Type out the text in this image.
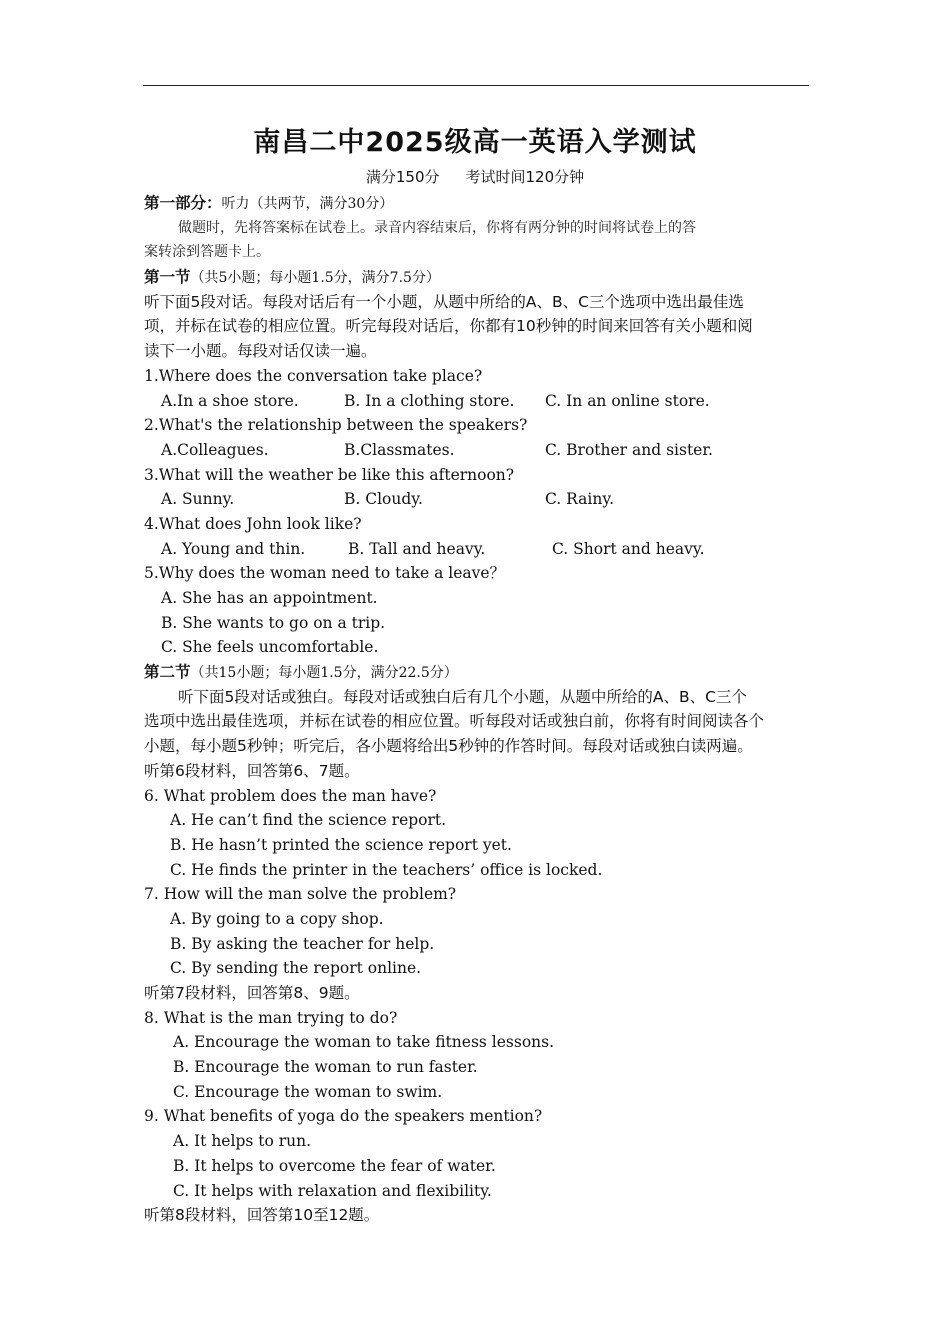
南昌二中2025级高一英语入学测试
满分150分 考试时间120分钟
第一部分：听力（共两节，满分30分）
做题时，先将答案标在试卷上。录音内容结束后，你将有两分钟的时间将试卷上的答
案转涂到答题卡上。
第一节（共5小题；每小题1.5分，满分7.5分）
听下面5段对话。每段对话后有一个小题，从题中所给的A、B、C三个选项中选出最佳选
项，并标在试卷的相应位置。听完每段对话后，你都有10秒钟的时间来回答有关小题和阅
读下一小题。每段对话仅读一遍。
1.Where does the conversation take place?
A.In a shoe store.	B. In a clothing store. C. In an online store.
2.What's the relationship between the speakers?
A.Colleagues.	B.Classmates.	C. Brother and sister.
3.What will the weather be like this afternoon?
A. Sunny.	B. Cloudy.	C. Rainy.
4.What does John look like?
A. Young and thin.	B. Tall and heavy.	C. Short and heavy.
5.Why does the woman need to take a leave？
A. She has an appointment.
B. She wants to go on a trip.
C. She feels uncomfortable.
第二节（共15小题；每小题1.5分，满分22.5分）
听下面5段对话或独白。每段对话或独白后有几个小题，从题中所给的A、B、C三个
选项中选出最佳选项，并标在试卷的相应位置。听每段对话或独白前，你将有时间阅读各个
小题，每小题5秒钟；听完后，各小题将给出5秒钟的作答时间。每段对话或独白读两遍。
听第6段材料，回答第6、7题。
6. What problem does the man have?
A. He can’t find the science report.
B. He hasn’t printed the science report yet.
C. He finds the printer in the teachers’ office is locked.
7. How will the man solve the problem?
A. By going to a copy shop.
B. By asking the teacher for help.
C. By sending the report online.
听第7段材料，回答第8、9题。
8. What is the man trying to do?
A. Encourage the woman to take fitness lessons.
B. Encourage the woman to run faster.
C. Encourage the woman to swim.
9. What benefits of yoga do the speakers mention?
A. It helps to run.
B. It helps to overcome the fear of water.
C. It helps with relaxation and flexibility.
听第8段材料，回答第10至12题。
